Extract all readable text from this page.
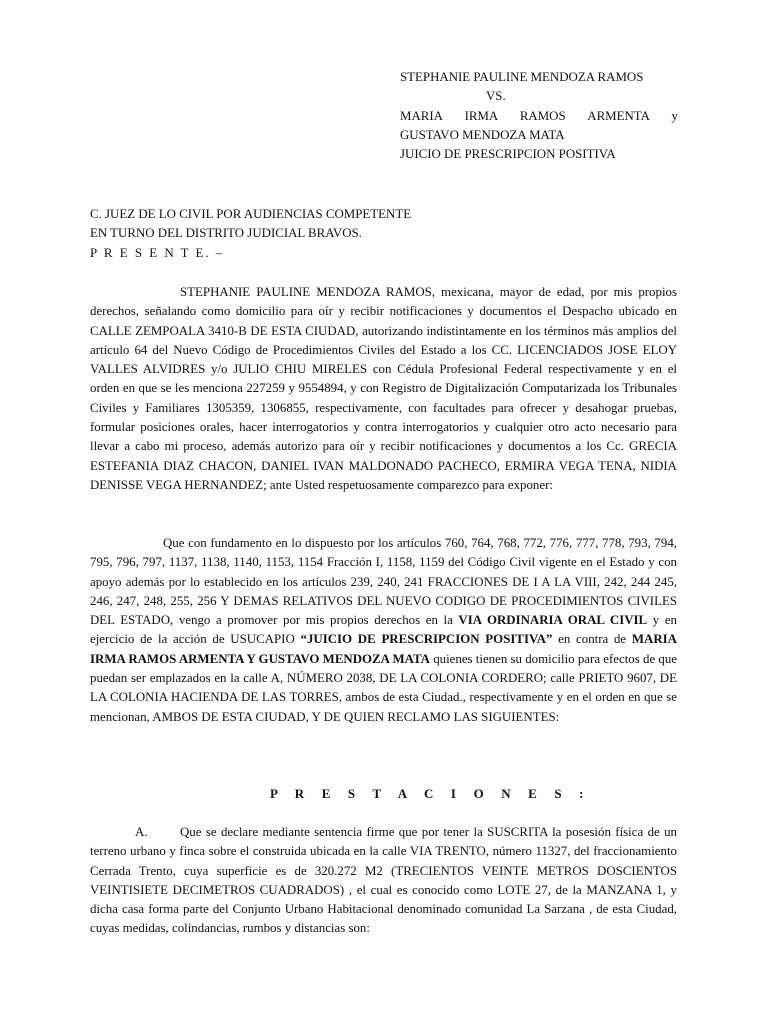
STEPHANIE PAULINE MENDOZA RAMOS

VS.

MARIA IRMA RAMOS ARMENTA y

GUSTAVO MENDOZA MATA

JUICIO DE PRESCRIPCION POSITIVA

C. JUEZ DE LO CIVIL POR AUDIENCIAS COMPETENTE

EN TURNO DEL DISTRITO JUDICIAL BRAVOS.

P R E S E N T E. –

STEPHANIE PAULINE MENDOZA RAMOS, mexicana, mayor de edad, por mis propios derechos, señalando como domicilio para oír y recibir notificaciones y documentos el Despacho ubicado en CALLE ZEMPOALA 3410-B DE ESTA CIUDAD, autorizando indistintamente en los términos más amplios del artículo 64 del Nuevo Código de Procedimientos Civiles del Estado a los CC. LICENCIADOS JOSE ELOY VALLES ALVIDRES y/o JULIO CHIU MIRELES con Cédula Profesional Federal respectivamente y en el orden en que se les menciona 227259 y 9554894, y con Registro de Digitalización Computarizada los Tribunales Civiles y Familiares 1305359, 1306855, respectivamente, con facultades para ofrecer y desahogar pruebas, formular posiciones orales, hacer interrogatorios y contra interrogatorios y cualquier otro acto necesario para llevar a cabo mi proceso, además autorizo para oír y recibir notificaciones y documentos a los Cc. GRECIA ESTEFANIA DIAZ CHACON, DANIEL IVAN MALDONADO PACHECO, ERMIRA VEGA TENA, NIDIA DENISSE VEGA HERNANDEZ; ante Usted respetuosamente comparezco para exponer:

Que con fundamento en lo dispuesto por los artículos 760, 764, 768, 772, 776, 777, 778, 793, 794, 795, 796, 797, 1137, 1138, 1140, 1153, 1154 Fracción I, 1158, 1159 del Código Civil vigente en el Estado y con apoyo además por lo establecido en los artículos 239, 240, 241 FRACCIONES DE I A LA VIII, 242, 244 245, 246, 247, 248, 255, 256 Y DEMAS RELATIVOS DEL NUEVO CODIGO DE PROCEDIMIENTOS CIVILES DEL ESTADO, vengo a promover por mis propios derechos en la VIA ORDINARIA ORAL CIVIL y en ejercicio de la acción de USUCAPIO “JUICIO DE PRESCRIPCION POSITIVA” en contra de MARIA IRMA RAMOS ARMENTA Y GUSTAVO MENDOZA MATA quienes tienen su domicilio para efectos de que puedan ser emplazados en la calle A, NÚMERO 2038, DE LA COLONIA CORDERO; calle PRIETO 9607, DE LA COLONIA HACIENDA DE LAS TORRES, ambos de esta Ciudad., respectivamente y en el orden en que se mencionan, AMBOS DE ESTA CIUDAD, Y DE QUIEN RECLAMO LAS SIGUIENTES:

P R E S T A C I O N E S :

A.	Que se declare mediante sentencia firme que por tener la SUSCRITA la posesión física de un terreno urbano y finca sobre el construida ubicada en la calle VIA TRENTO, número 11327, del fraccionamiento Cerrada Trento, cuya superficie es de 320.272 M2 (TRECIENTOS VEINTE METROS DOSCIENTOS VEINTISIETE DECIMETROS CUADRADOS) , el cual es conocido como LOTE 27, de la MANZANA 1, y dicha casa forma parte del Conjunto Urbano Habitacional denominado comunidad La Sarzana , de esta Ciudad, cuyas medidas, colindancias, rumbos y distancias son:
